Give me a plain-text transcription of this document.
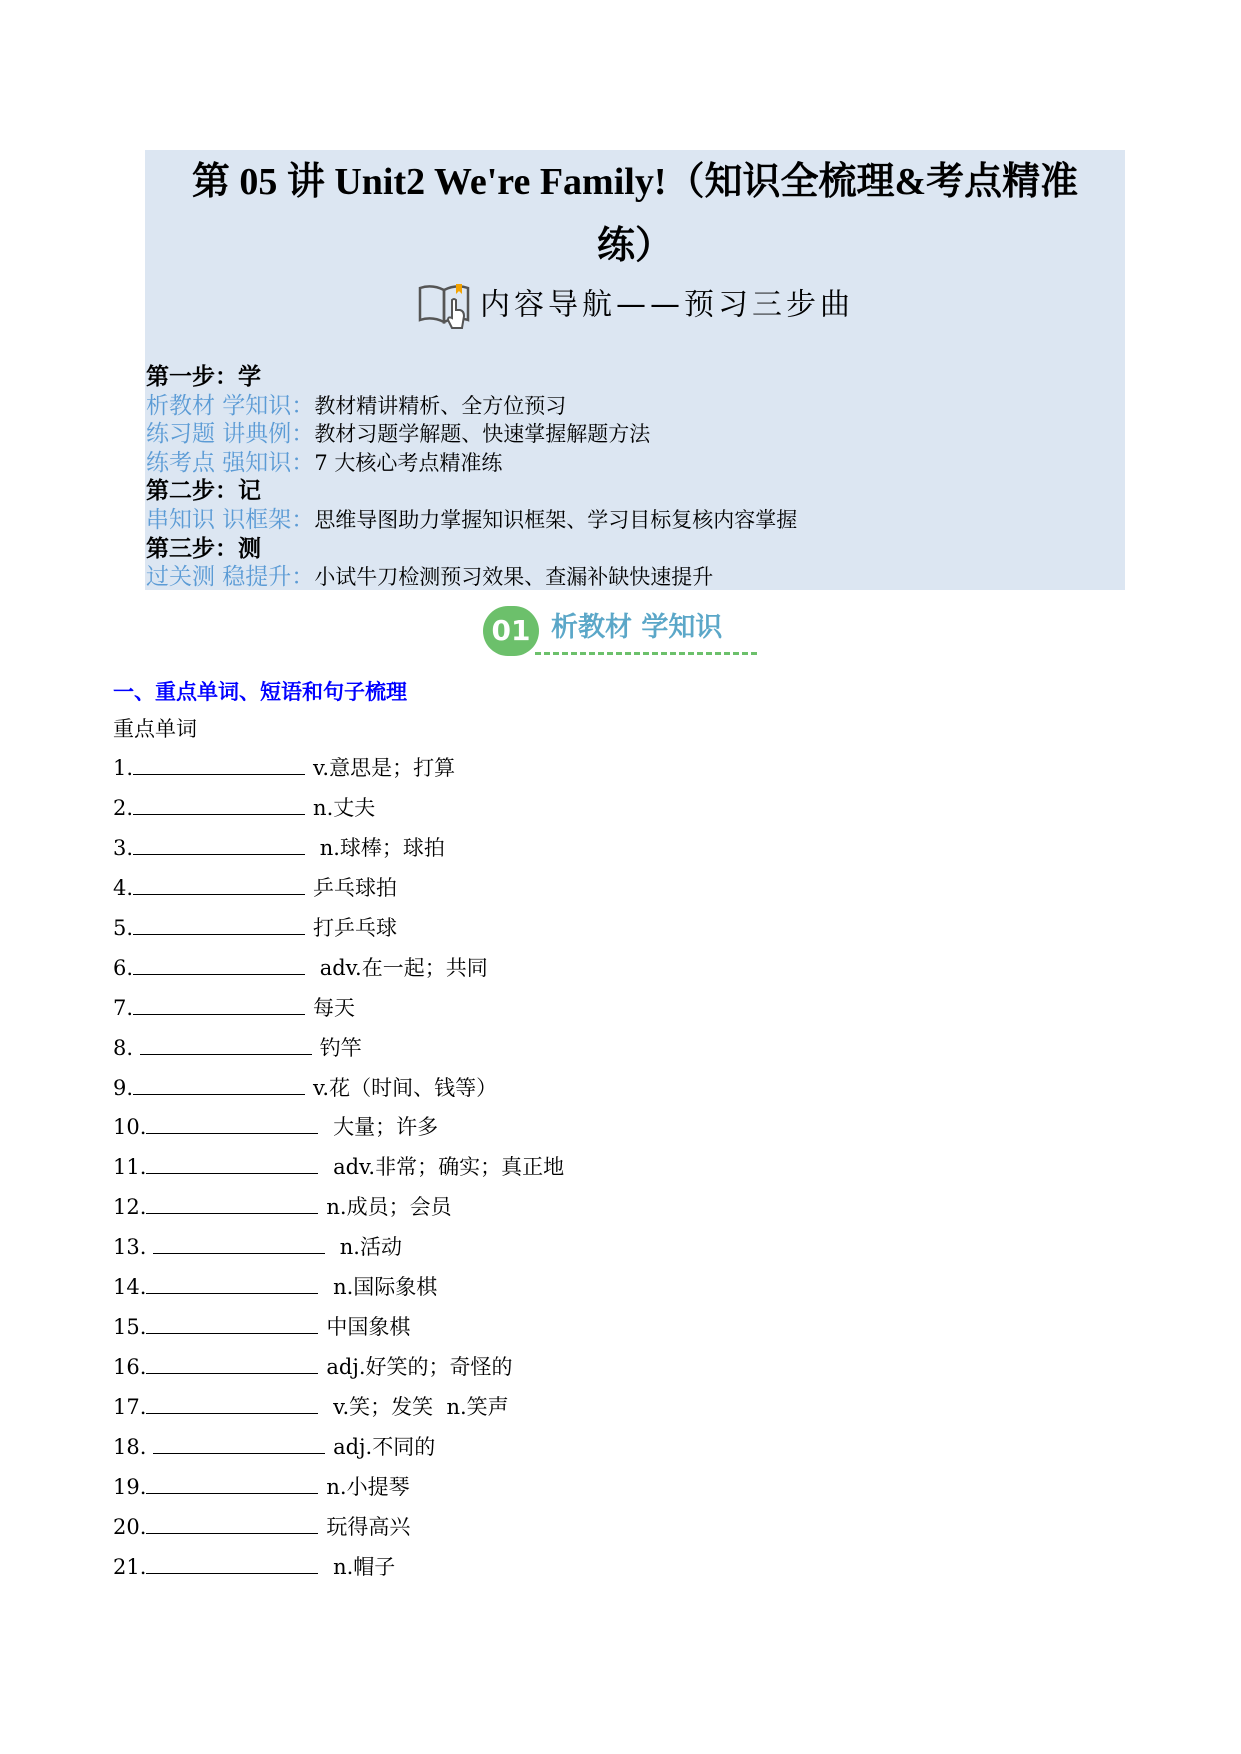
第 05 讲 Unit2 We're Family!（知识全梳理&考点精准
练）
内容导航——预习三步曲
第一步：学
析教材 学知识：教材精讲精析、全方位预习
练习题 讲典例：教材习题学解题、快速掌握解题方法
练考点 强知识：7 大核心考点精准练
第二步：记
串知识 识框架：思维导图助力掌握知识框架、学习目标复核内容掌握
第三步：测
过关测 稳提升：小试牛刀检测预习效果、查漏补缺快速提升
01 析教材 学知识
一、重点单词、短语和句子梳理
重点单词
1.	v.意思是；打算
2.	n.丈夫
3.	n.球棒；球拍
4.	乒乓球拍
5.	打乒乓球
6.	adv.在一起；共同
7.	每天
8.	钓竿
9.	v.花（时间、钱等）
10.	大量；许多
11.	adv.非常；确实；真正地
12.	n.成员；会员
13.	n.活动
14.	n.国际象棋
15.	中国象棋
16.	adj.好笑的；奇怪的
17.	v.笑；发笑  n.笑声
18.	adj.不同的
19.	n.小提琴
20.	玩得高兴
21.	n.帽子
